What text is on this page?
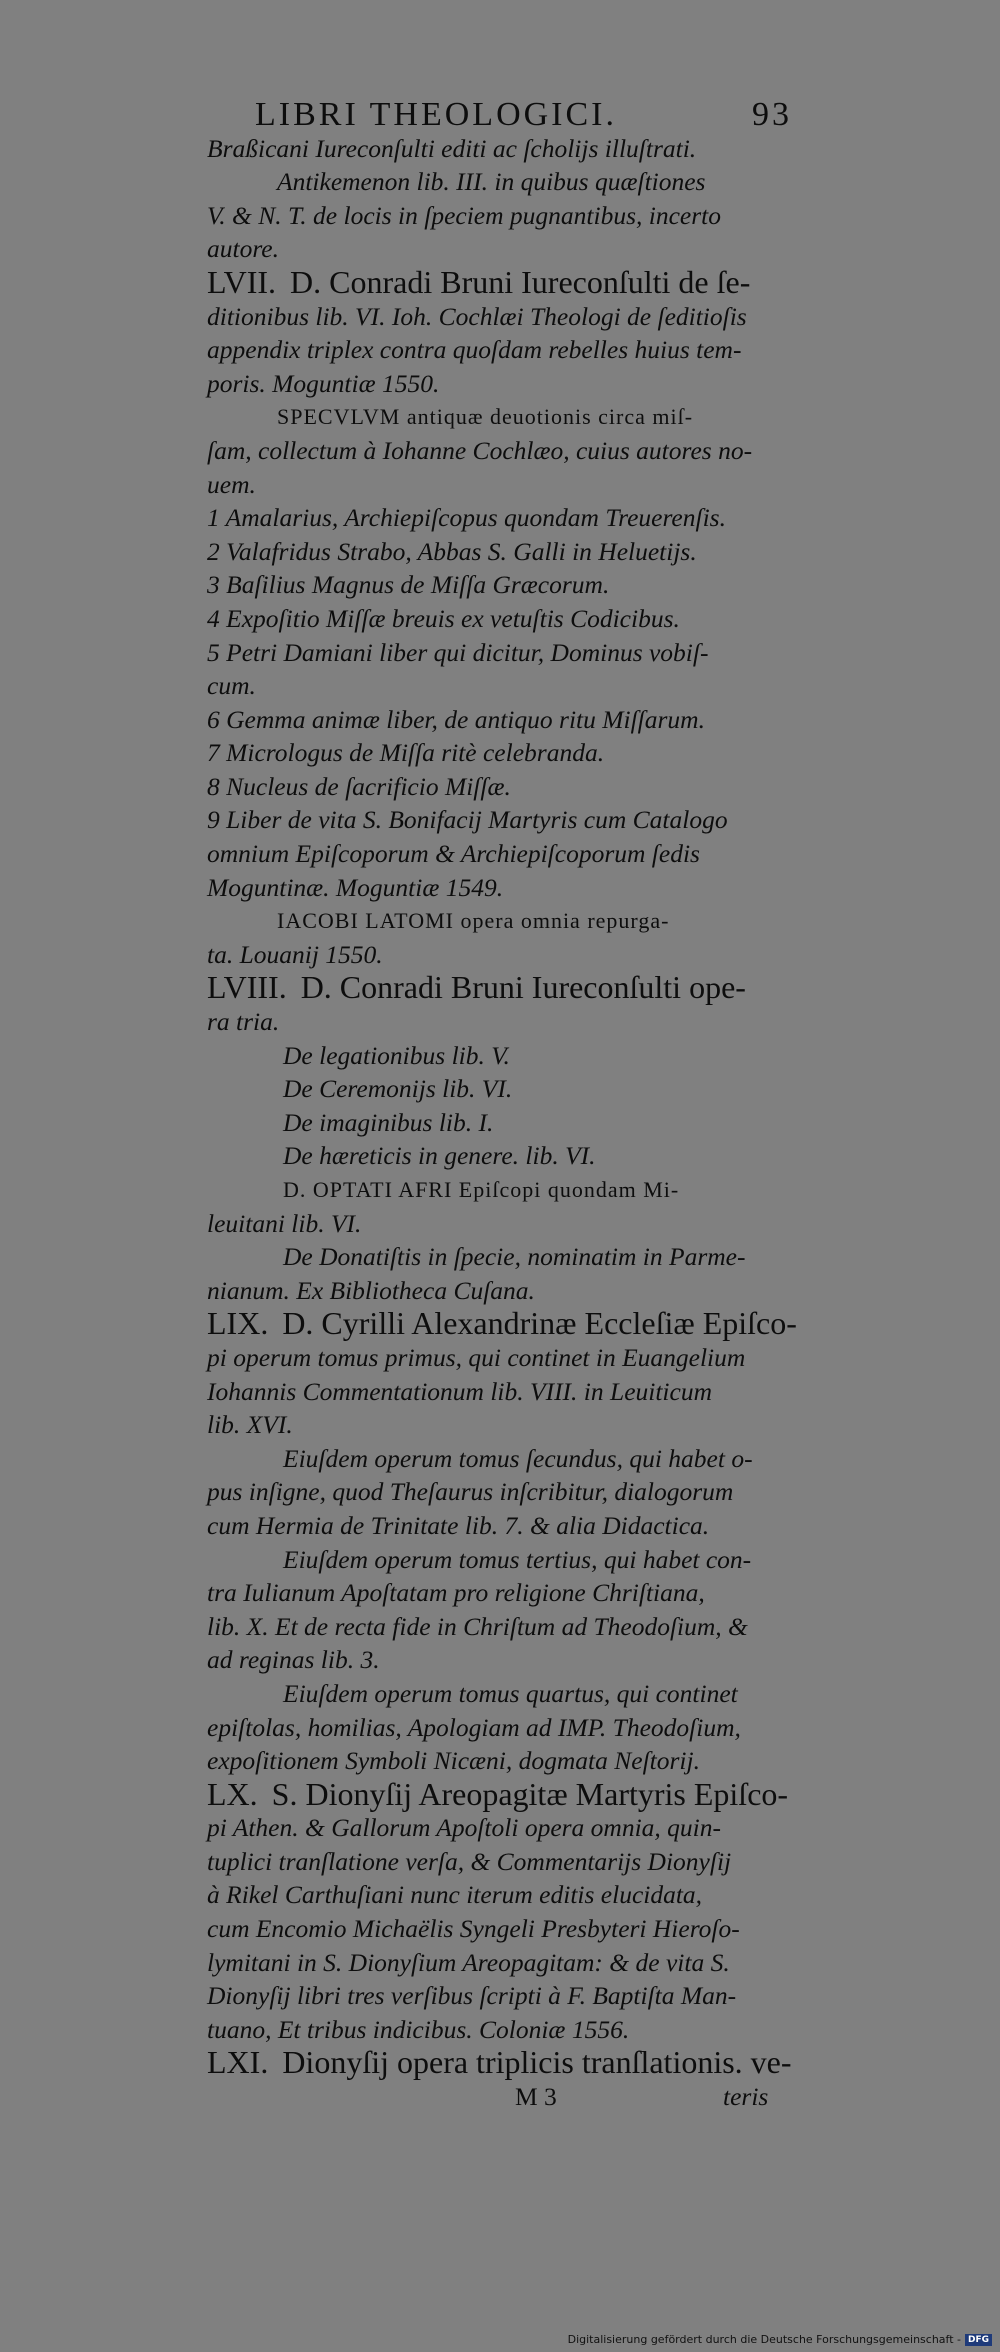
LIBRI THEOLOGICI.	93
Braßicani Iureconſulti editi ac ſcholijs illuſtrati.
Antikemenon lib. III. in quibus quæſtiones
V. & N. T. de locis in ſpeciem pugnantibus, incerto
autore.
LVII. D. Conradi Bruni Iureconſulti de ſe-
ditionibus lib. VI. Ioh. Cochlæi Theologi de ſeditioſis
appendix triplex contra quoſdam rebelles huius tem-
poris. Moguntiæ 1550.
SPECVLVM antiquæ deuotionis circa miſ-
ſam, collectum à Iohanne Cochlæo, cuius autores no-
uem.
1 Amalarius, Archiepiſcopus quondam Treuerenſis.
2 Valafridus Strabo, Abbas S. Galli in Heluetijs.
3 Baſilius Magnus de Miſſa Græcorum.
4 Expoſitio Miſſæ breuis ex vetuſtis Codicibus.
5 Petri Damiani liber qui dicitur, Dominus vobiſ-
cum.
6 Gemma animæ liber, de antiquo ritu Miſſarum.
7 Micrologus de Miſſa ritè celebranda.
8 Nucleus de ſacrificio Miſſæ.
9 Liber de vita S. Bonifacij Martyris cum Catalogo
omnium Epiſcoporum & Archiepiſcoporum ſedis
Moguntinæ. Moguntiæ 1549.
IACOBI LATOMI opera omnia repurga-
ta. Louanij 1550.
LVIII. D. Conradi Bruni Iureconſulti ope-
ra tria.
De legationibus lib. V.
De Ceremonijs lib. VI.
De imaginibus lib. I.
De hæreticis in genere. lib. VI.
D. OPTATI AFRI Epiſcopi quondam Mi-
leuitani lib. VI.
De Donatiſtis in ſpecie, nominatim in Parme-
nianum. Ex Bibliotheca Cuſana.
LIX. D. Cyrilli Alexandrinæ Eccleſiæ Epiſco-
pi operum tomus primus, qui continet in Euangelium
Iohannis Commentationum lib. VIII. in Leuiticum
lib. XVI.
Eiuſdem operum tomus ſecundus, qui habet o-
pus inſigne, quod Theſaurus inſcribitur, dialogorum
cum Hermia de Trinitate lib. 7. & alia Didactica.
Eiuſdem operum tomus tertius, qui habet con-
tra Iulianum Apoſtatam pro religione Chriſtiana,
lib. X. Et de recta fide in Chriſtum ad Theodoſium, &
ad reginas lib. 3.
Eiuſdem operum tomus quartus, qui continet
epiſtolas, homilias, Apologiam ad IMP. Theodoſium,
expoſitionem Symboli Nicæni, dogmata Neſtorij.
LX. S. Dionyſij Areopagitæ Martyris Epiſco-
pi Athen. & Gallorum Apoſtoli opera omnia, quin-
tuplici tranſlatione verſa, & Commentarijs Dionyſij
à Rikel Carthuſiani nunc iterum editis elucidata,
cum Encomio Michaëlis Syngeli Presbyteri Hieroſo-
lymitani in S. Dionyſium Areopagitam: & de vita S.
Dionyſij libri tres verſibus ſcripti à F. Baptiſta Man-
tuano, Et tribus indicibus. Coloniæ 1556.
LXI. Dionyſij opera triplicis tranſlationis. ve-
M 3	teris
Digitalisierung gefördert durch die Deutsche Forschungsgemeinschaft - DFG
